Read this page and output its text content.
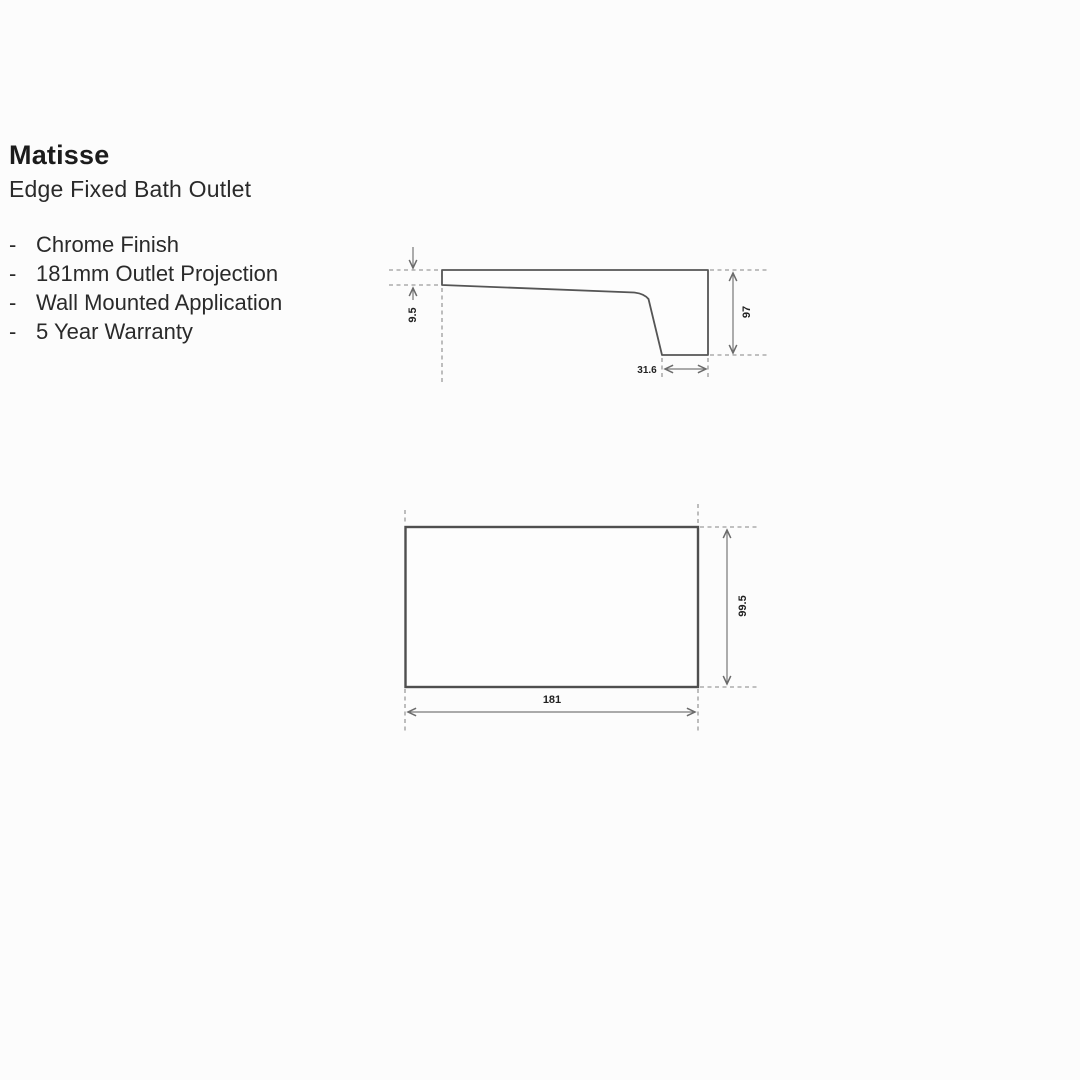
Matisse
Edge Fixed Bath Outlet
- Chrome Finish
- 181mm Outlet Projection
- Wall Mounted Application
- 5 Year Warranty
9.5	97
31.6
99.5
181
